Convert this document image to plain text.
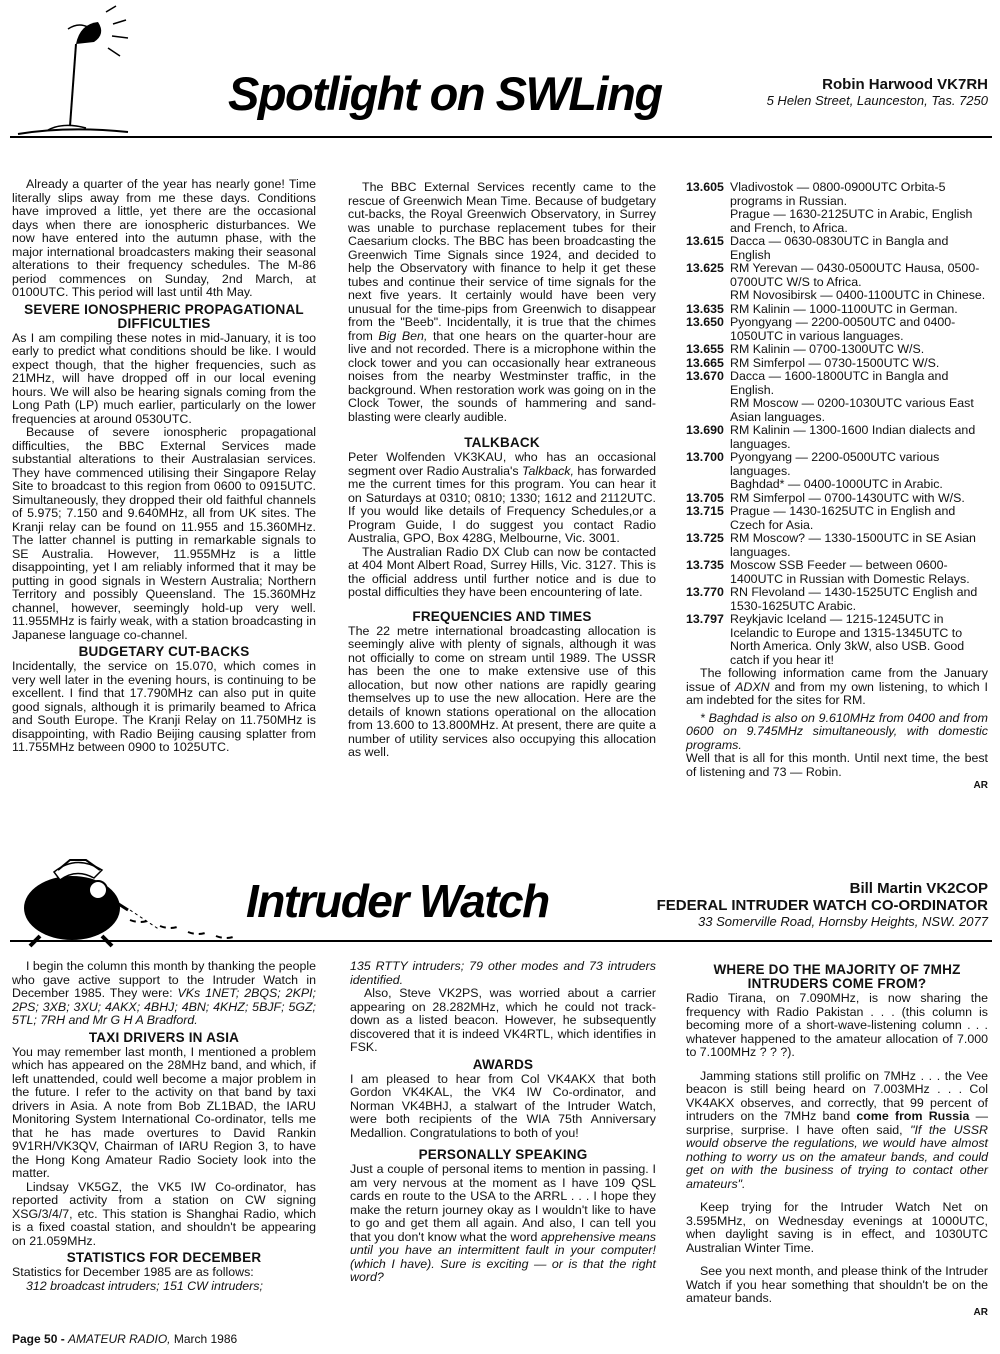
Spotlight on SWLing	Robin Harwood VK7RH
5 Helen Street, Launceston, Tas. 7250

Already a quarter of the year has nearly gone! Time literally slips away from me these days. Conditions have improved a little, yet there are the occasional days when there are ionospheric disturbances. We now have entered into the autumn phase, with the major international broadcasters making their seasonal alterations to their frequency schedules. The M-86 period commences on Sunday, 2nd March, at 0100UTC. This period will last until 4th May.

SEVERE IONOSPHERIC PROPAGATIONAL DIFFICULTIES

As I am compiling these notes in mid-January, it is too early to predict what conditions should be like. I would expect though, that the higher frequencies, such as 21MHz, will have dropped off in our local evening hours. We will also be hearing signals coming from the Long Path (LP) much earlier, particularly on the lower frequencies at around 0530UTC.

Because of severe ionospheric propagational difficulties, the BBC External Services made substantial alterations to their Australasian services. They have commenced utilising their Singapore Relay Site to broadcast to this region from 0600 to 0915UTC. Simultaneously, they dropped their old faithful channels of 5.975; 7.150 and 9.640MHz, all from UK sites. The Kranji relay can be found on 11.955 and 15.360MHz. The latter channel is putting in remarkable signals to SE Australia. However, 11.955MHz is a little disappointing, yet I am reliably informed that it may be putting in good signals in Western Australia; Northern Territory and possibly Queensland. The 15.360MHz channel, however, seemingly hold-up very well. 11.955MHz is fairly weak, with a station broadcasting in Japanese language co-channel.

BUDGETARY CUT-BACKS

Incidentally, the service on 15.070, which comes in very well later in the evening hours, is continuing to be excellent. I find that 17.790MHz can also put in quite good signals, although it is primarily beamed to Africa and South Europe. The Kranji Relay on 11.750MHz is disappointing, with Radio Beijing causing splatter from 11.755MHz between 0900 to 1025UTC.

The BBC External Services recently came to the rescue of Greenwich Mean Time. Because of budgetary cut-backs, the Royal Greenwich Observatory, in Surrey was unable to purchase replacement tubes for their Caesarium clocks. The BBC has been broadcasting the Greenwich Time Signals since 1924, and decided to help the Observatory with finance to help it get these tubes and continue their service of time signals for the next five years. It certainly would have been very unusual for the time-pips from Greenwich to disappear from the "Beeb". Incidentally, it is true that the chimes from Big Ben, that one hears on the quarter-hour are live and not recorded. There is a microphone within the clock tower and you can occasionally hear extraneous noises from the nearby Westminster traffic, in the background. When restoration work was going on in the Clock Tower, the sounds of hammering and sand-blasting were clearly audible.

TALKBACK

Peter Wolfenden VK3KAU, who has an occasional segment over Radio Australia's Talkback, has forwarded me the current times for this program. You can hear it on Saturdays at 0310; 0810; 1330; 1612 and 2112UTC. If you would like details of Frequency Schedules,or a Program Guide, I do suggest you contact Radio Australia, GPO, Box 428G, Melbourne, Vic. 3001.

The Australian Radio DX Club can now be contacted at 404 Mont Albert Road, Surrey Hills, Vic. 3127. This is the official address until further notice and is due to postal difficulties they have been encountering of late.

FREQUENCIES AND TIMES

The 22 metre international broadcasting allocation is seemingly alive with plenty of signals, although it was not officially to come on stream until 1989. The USSR has been the one to make extensive use of this allocation, but now other nations are rapidly gearing themselves up to use the new allocation. Here are the details of known stations operational on the allocation from 13.600 to 13.800MHz. At present, there are quite a number of utility services also occupying this allocation as well.

13.605 Vladivostok — 0800-0900UTC Orbita-5 programs in Russian.
Prague — 1630-2125UTC in Arabic, English and French, to Africa.
13.615 Dacca — 0630-0830UTC in Bangla and English
13.625 RM Yerevan — 0430-0500UTC Hausa, 0500-0700UTC W/S to Africa.
RM Novosibirsk — 0400-1100UTC in Chinese.
13.635 RM Kalinin — 1000-1100UTC in German.
13.650 Pyongyang — 2200-0050UTC and 0400-1050UTC in various languages.
13.655 RM Kalinin — 0700-1300UTC W/S.
13.665 RM Simferpol — 0730-1500UTC W/S.
13.670 Dacca — 1600-1800UTC in Bangla and English.
RM Moscow — 0200-1030UTC various East Asian languages.
13.690 RM Kalinin — 1300-1600 Indian dialects and languages.
13.700 Pyongyang — 2200-0500UTC various languages.
Baghdad* — 0400-1000UTC in Arabic.
13.705 RM Simferpol — 0700-1430UTC with W/S.
13.715 Prague — 1430-1625UTC in English and Czech for Asia.
13.725 RM Moscow? — 1330-1500UTC in SE Asian languages.
13.735 Moscow SSB Feeder — between 0600-1400UTC in Russian with Domestic Relays.
13.770 RN Flevoland — 1430-1525UTC English and 1530-1625UTC Arabic.
13.797 Reykjavic Iceland — 1215-1245UTC in Icelandic to Europe and 1315-1345UTC to North America. Only 3kW, also USB. Good catch if you hear it!

The following information came from the January issue of ADXN and from my own listening, to which I am indebted for the sites for RM.

* Baghdad is also on 9.610MHz from 0400 and from 0600 on 9.745MHz simultaneously, with domestic programs.

Well that is all for this month. Until next time, the best of listening and 73 — Robin.

AR
Intruder Watch	Bill Martin VK2COP
FEDERAL INTRUDER WATCH CO-ORDINATOR
33 Somerville Road, Hornsby Heights, NSW. 2077

I begin the column this month by thanking the people who gave active support to the Intruder Watch in December 1985. They were: VKs 1NET; 2BQS; 2KPI; 2PS; 3XB; 3XU; 4AKX; 4BHJ; 4BN; 4KHZ; 5BJF; 5GZ; 5TL; 7RH and Mr G H A Bradford.

TAXI DRIVERS IN ASIA

You may remember last month, I mentioned a problem which has appeared on the 28MHz band, and which, if left unattended, could well become a major problem in the future. I refer to the activity on that band by taxi drivers in Asia. A note from Bob ZL1BAD, the IARU Monitoring System International Co-ordinator, tells me that he has made overtures to David Rankin 9V1RH/VK3QV, Chairman of IARU Region 3, to have the Hong Kong Amateur Radio Society look into the matter.

Lindsay VK5GZ, the VK5 IW Co-ordinator, has reported activity from a station on CW signing XSG/3/4/7, etc. This station is Shanghai Radio, which is a fixed coastal station, and shouldn't be appearing on 21.059MHz.

STATISTICS FOR DECEMBER

Statistics for December 1985 are as follows:

312 broadcast intruders; 151 CW intruders;

135 RTTY intruders; 79 other modes and 73 intruders identified.

Also, Steve VK2PS, was worried about a carrier appearing on 28.282MHz, which he could not track-down as a listed beacon. However, he subsequently discovered that it is indeed VK4RTL, which identifies in FSK.

AWARDS

I am pleased to hear from Col VK4AKX that both Gordon VK4KAL, the VK4 IW Co-ordinator, and Norman VK4BHJ, a stalwart of the Intruder Watch, were both recipients of the WIA 75th Anniversary Medallion. Congratulations to both of you!

PERSONALLY SPEAKING

Just a couple of personal items to mention in passing. I am very nervous at the moment as I have 109 QSL cards en route to the USA to the ARRL . . . I hope they make the return journey okay as I wouldn't like to have to go and get them all again. And also, I can tell you that you don't know what the word apprehensive means until you have an intermittent fault in your computer! (which I have). Sure is exciting — or is that the right word?

WHERE DO THE MAJORITY OF 7MHZ INTRUDERS COME FROM?

Radio Tirana, on 7.090MHz, is now sharing the frequency with Radio Pakistan . . . (this column is becoming more of a short-wave-listening column . . . whatever happened to the amateur allocation of 7.000 to 7.100MHz ? ? ?).

Jamming stations still prolific on 7MHz . . . the Vee beacon is still being heard on 7.003MHz . . . Col VK4AKX observes, and correctly, that 99 percent of intruders on the 7MHz band come from Russia — surprise, surprise. I have often said, "If the USSR would observe the regulations, we would have almost nothing to worry us on the amateur bands, and could get on with the business of trying to contact other amateurs".

Keep trying for the Intruder Watch Net on 3.595MHz, on Wednesday evenings at 1000UTC, when daylight saving is in effect, and 1030UTC Australian Winter Time.

See you next month, and please think of the Intruder Watch if you hear something that shouldn't be on the amateur bands.

AR
Page 50 - AMATEUR RADIO, March 1986
